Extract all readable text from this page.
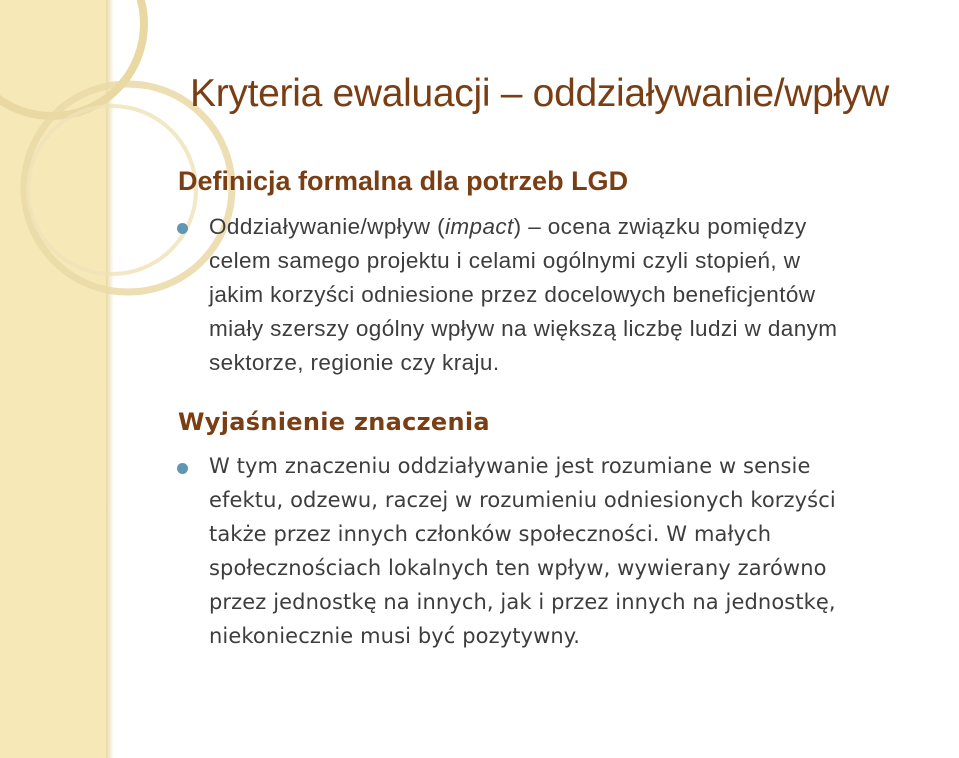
Kryteria ewaluacji – oddziaływanie/wpływ
Definicja formalna dla potrzeb LGD
Oddziaływanie/wpływ (impact) – ocena związku pomiędzy
celem samego projektu i celami ogólnymi czyli stopień, w
jakim korzyści odniesione przez docelowych beneficjentów
miały szerszy ogólny wpływ na większą liczbę ludzi w danym
sektorze, regionie czy kraju.
Wyjaśnienie znaczenia
W tym znaczeniu oddziaływanie jest rozumiane w sensie
efektu, odzewu, raczej w rozumieniu odniesionych korzyści
także przez innych członków społeczności. W małych
społecznościach lokalnych ten wpływ, wywierany zarówno
przez jednostkę na innych, jak i przez innych na jednostkę,
niekoniecznie musi być pozytywny.
